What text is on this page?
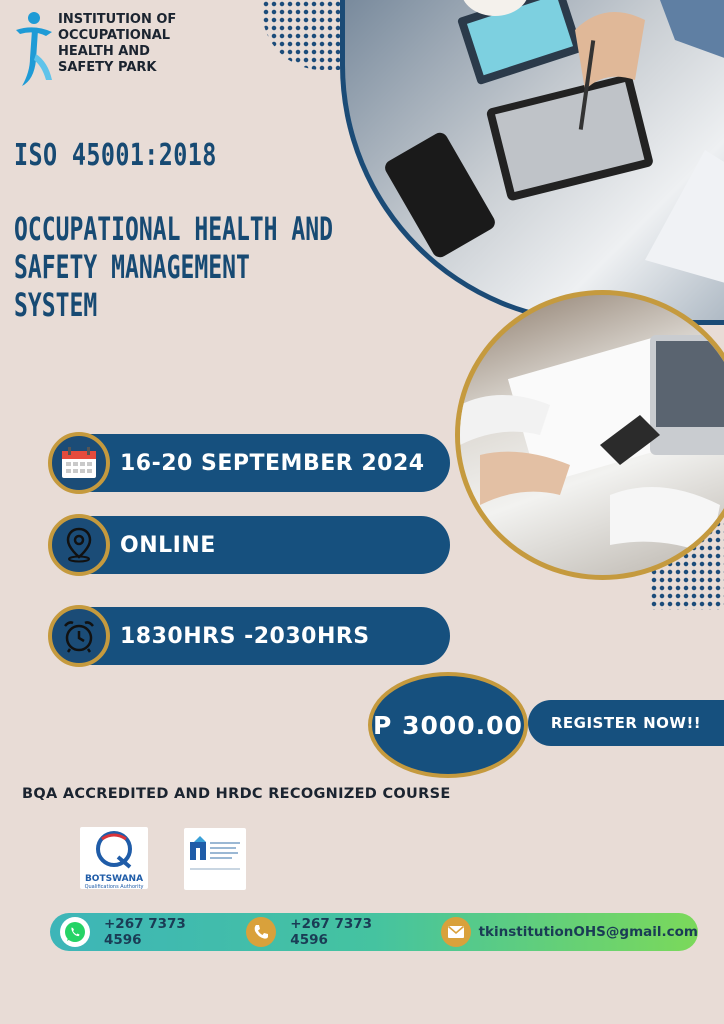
INSTITUTION OF
OCCUPATIONAL
HEALTH AND
SAFETY PARK
ISO 45001:2018
OCCUPATIONAL HEALTH AND
SAFETY MANAGEMENT
SYSTEM
16-20 SEPTEMBER 2024
ONLINE
1830HRS -2030HRS
REGISTER NOW!!
P 3000.00
BQA ACCREDITED AND HRDC RECOGNIZED COURSE
BOTSWANA
Qualifications Authority
+267 7373 4596
+267 7373 4596	tkinstitutionOHS@gmail.com
